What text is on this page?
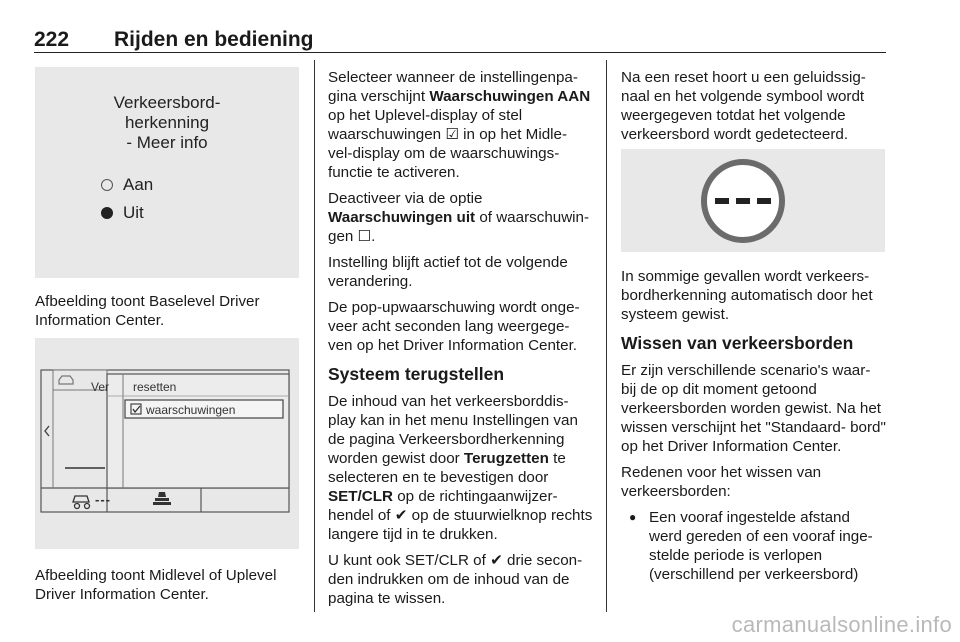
222 Rijden en bediening
Verkeersbord-
herkenning
- Meer info
Aan
Uit
Afbeelding toont Baselevel Driver Information Center.
Ver resetten
waarschuwingen
---
Afbeelding toont Midlevel of Uplevel Driver Information Center.

Selecteer wanneer de instellingenpa- gina verschijnt Waarschuwingen AAN op het Uplevel-display of stel waarschuwingen ☑ in op het Midle- vel-display om de waarschuwings- functie te activeren.

Deactiveer via de optie Waarschuwingen uit of waarschuwin- gen ☐.

Instelling blijft actief tot de volgende verandering.

De pop-upwaarschuwing wordt onge- veer acht seconden lang weergege- ven op het Driver Information Center.

Systeem terugstellen

De inhoud van het verkeersborddis- play kan in het menu Instellingen van de pagina Verkeersbordherkenning worden gewist door Terugzetten te selecteren en te bevestigen door SET/CLR op de richtingaanwijzer- hendel of ✔ op de stuurwielknop rechts langere tijd in te drukken.

U kunt ook SET/CLR of ✔ drie secon- den indrukken om de inhoud van de pagina te wissen.

Na een reset hoort u een geluidssig- naal en het volgende symbool wordt weergegeven totdat het volgende verkeersbord wordt gedetecteerd.

In sommige gevallen wordt verkeers- bordherkenning automatisch door het systeem gewist.

Wissen van verkeersborden

Er zijn verschillende scenario's waar- bij de op dit moment getoond verkeersborden worden gewist. Na het wissen verschijnt het "Standaard- bord" op het Driver Information Center.

Redenen voor het wissen van verkeersborden:

● Een vooraf ingestelde afstand werd gereden of een vooraf inge- stelde periode is verlopen (verschillend per verkeersbord)
carmanualsonline.info
